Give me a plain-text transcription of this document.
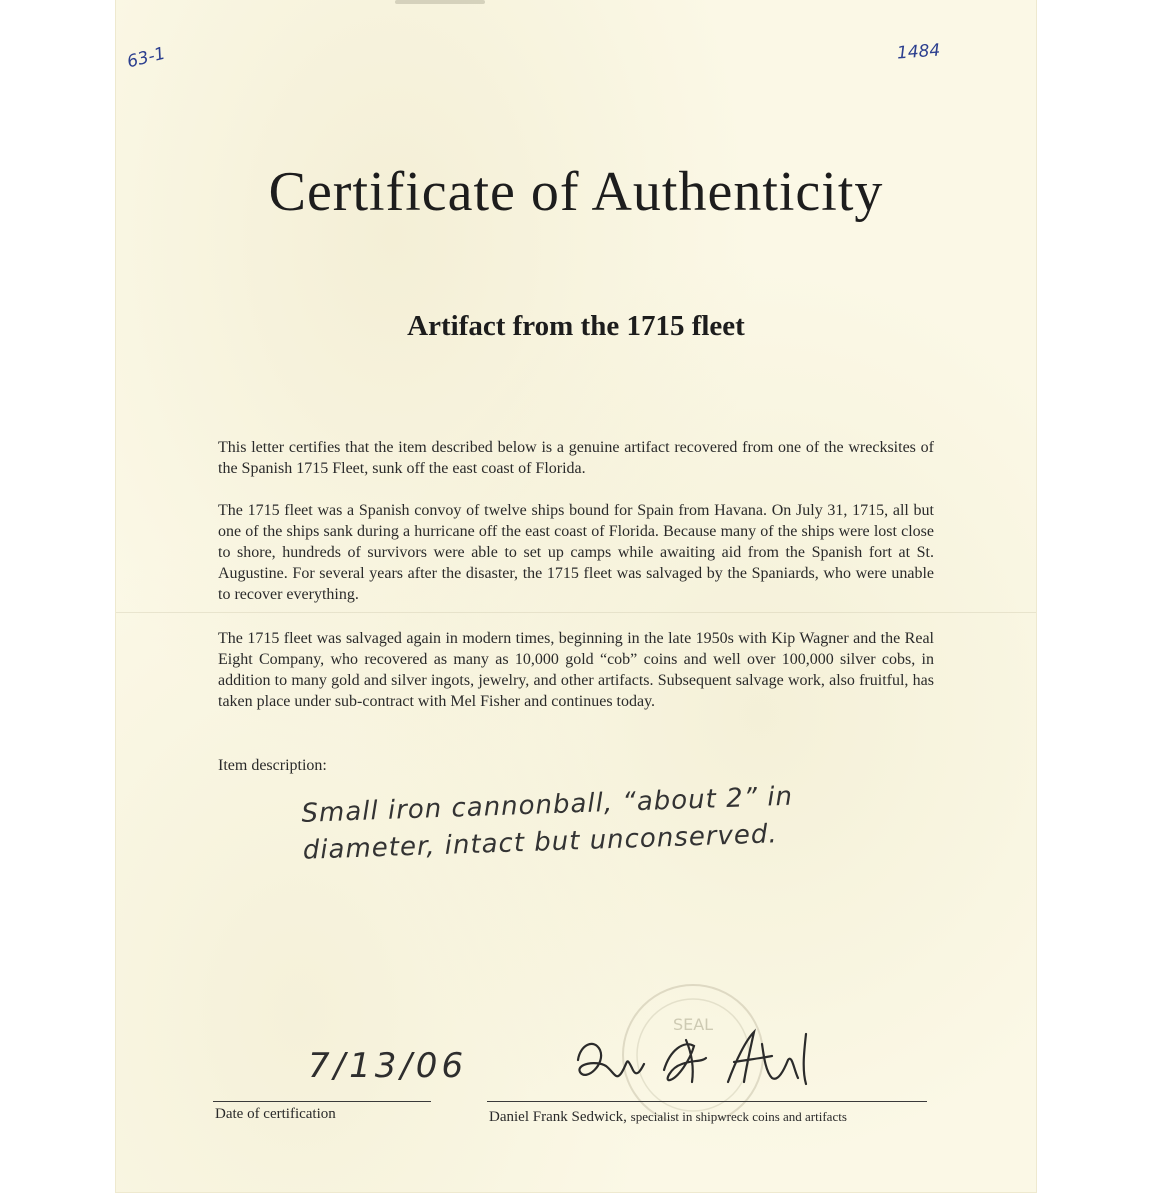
63-1	1484
Certificate of Authenticity
Artifact from the 1715 fleet

This letter certifies that the item described below is a genuine artifact recovered from one of the wrecksites of the Spanish 1715 Fleet, sunk off the east coast of Florida.

The 1715 fleet was a Spanish convoy of twelve ships bound for Spain from Havana. On July 31, 1715, all but one of the ships sank during a hurricane off the east coast of Florida. Because many of the ships were lost close to shore, hundreds of survivors were able to set up camps while awaiting aid from the Spanish fort at St. Augustine. For several years after the disaster, the 1715 fleet was salvaged by the Spaniards, who were unable to recover everything.

The 1715 fleet was salvaged again in modern times, beginning in the late 1950s with Kip Wagner and the Real Eight Company, who recovered as many as 10,000 gold “cob” coins and well over 100,000 silver cobs, in addition to many gold and silver ingots, jewelry, and other artifacts. Subsequent salvage work, also fruitful, has taken place under sub-contract with Mel Fisher and continues today.

Item description:
Small iron cannonball, “about 2” in diameter, intact but unconserved.
SEAL
7/13/06
Date of certification	Daniel Frank Sedwick, specialist in shipwreck coins and artifacts
